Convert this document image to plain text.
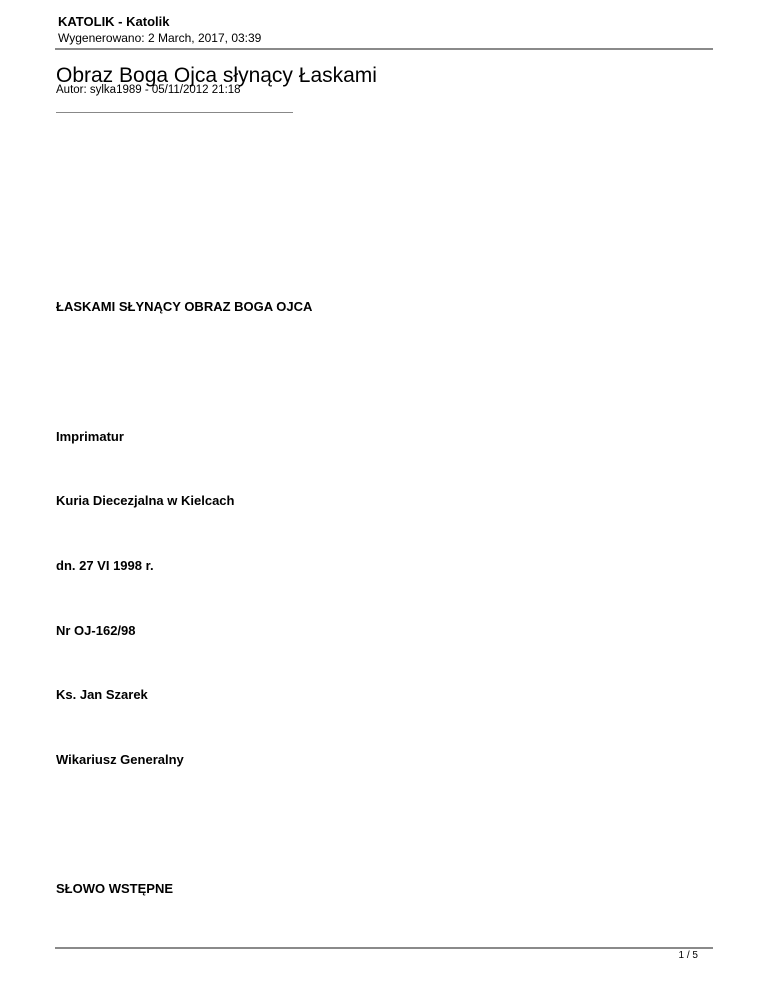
KATOLIK - Katolik
Wygenerowano: 2 March, 2017, 03:39
Obraz Boga Ojca słynący Łaskami
Autor: sylka1989 - 05/11/2012 21:18
ŁASKAMI SŁYNĄCY OBRAZ BOGA OJCA
Imprimatur
Kuria Diecezjalna w Kielcach
dn. 27 VI 1998 r.
Nr OJ-162/98
Ks. Jan Szarek
Wikariusz Generalny
SŁOWO WSTĘPNE
1 / 5
